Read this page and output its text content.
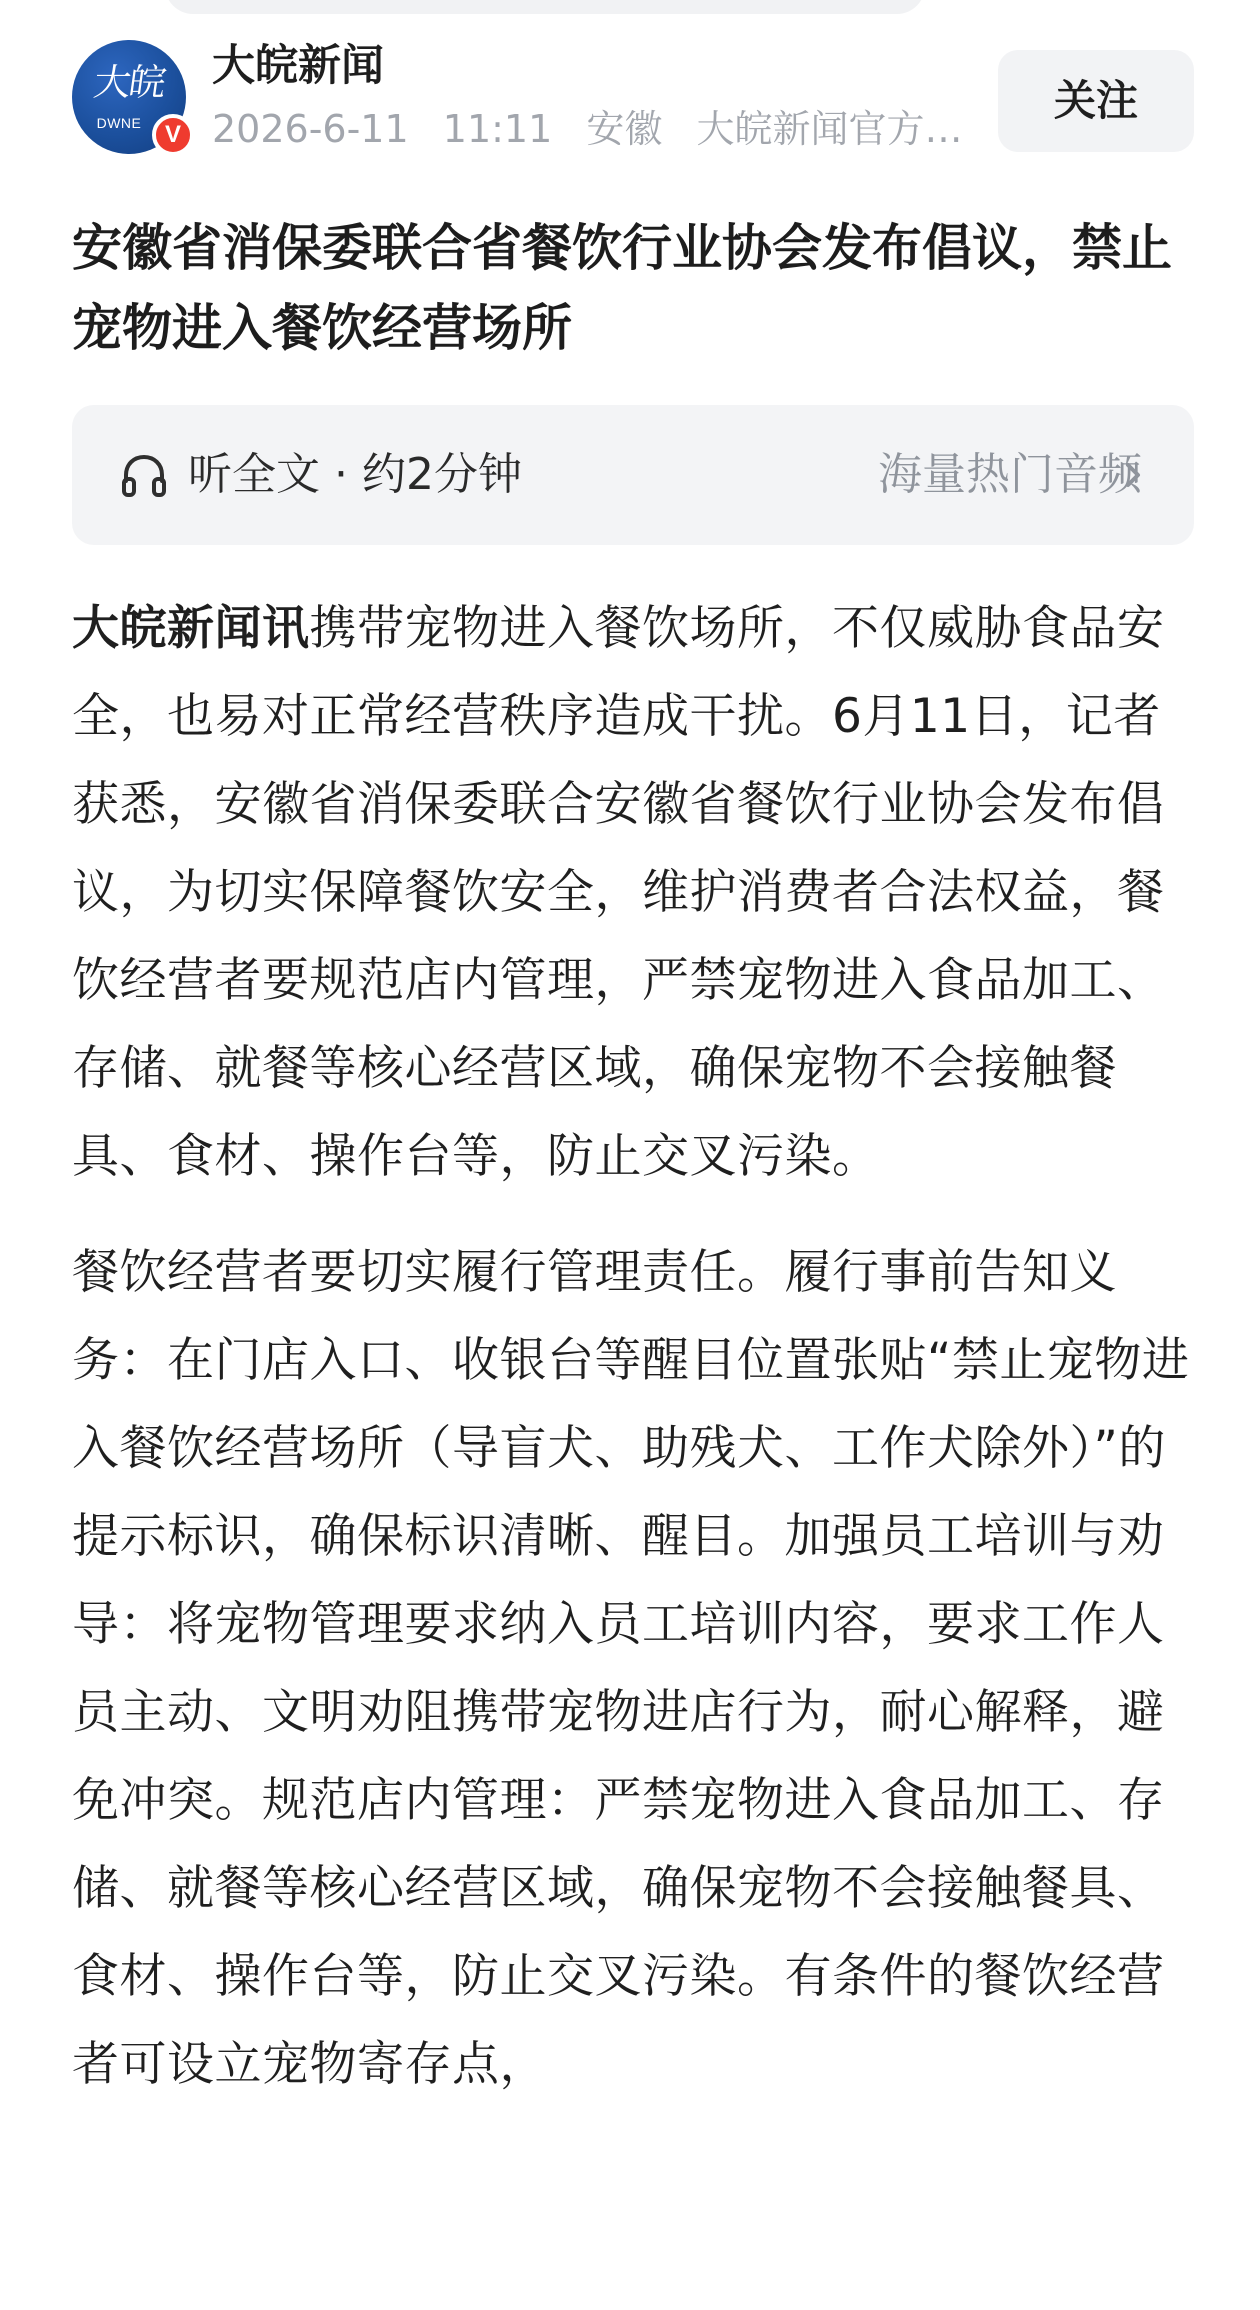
大皖
DWNE V
大皖新闻
2026-6-11 11:11 安徽 大皖新闻官方…
关注
安徽省消保委联合省餐饮行业协会发布倡议，禁止宠物进入餐饮经营场所
听全文 · 约2分钟	海量热门音频

大皖新闻讯携带宠物进入餐饮场所，不仅威胁食品安全，也易对正常经营秩序造成干扰。6月11日，记者获悉，安徽省消保委联合安徽省餐饮行业协会发布倡议，为切实保障餐饮安全，维护消费者合法权益，餐饮经营者要规范店内管理，严禁宠物进入食品加工、存储、就餐等核心经营区域，确保宠物不会接触餐具、食材、操作台等，防止交叉污染。

餐饮经营者要切实履行管理责任。履行事前告知义务：在门店入口、收银台等醒目位置张贴“禁止宠物进入餐饮经营场所（导盲犬、助残犬、工作犬除外）”的提示标识，确保标识清晰、醒目。加强员工培训与劝导：将宠物管理要求纳入员工培训内容，要求工作人员主动、文明劝阻携带宠物进店行为，耐心解释，避免冲突。规范店内管理：严禁宠物进入食品加工、存储、就餐等核心经营区域，确保宠物不会接触餐具、食材、操作台等，防止交叉污染。有条件的餐饮经营者可设立宠物寄存点，
